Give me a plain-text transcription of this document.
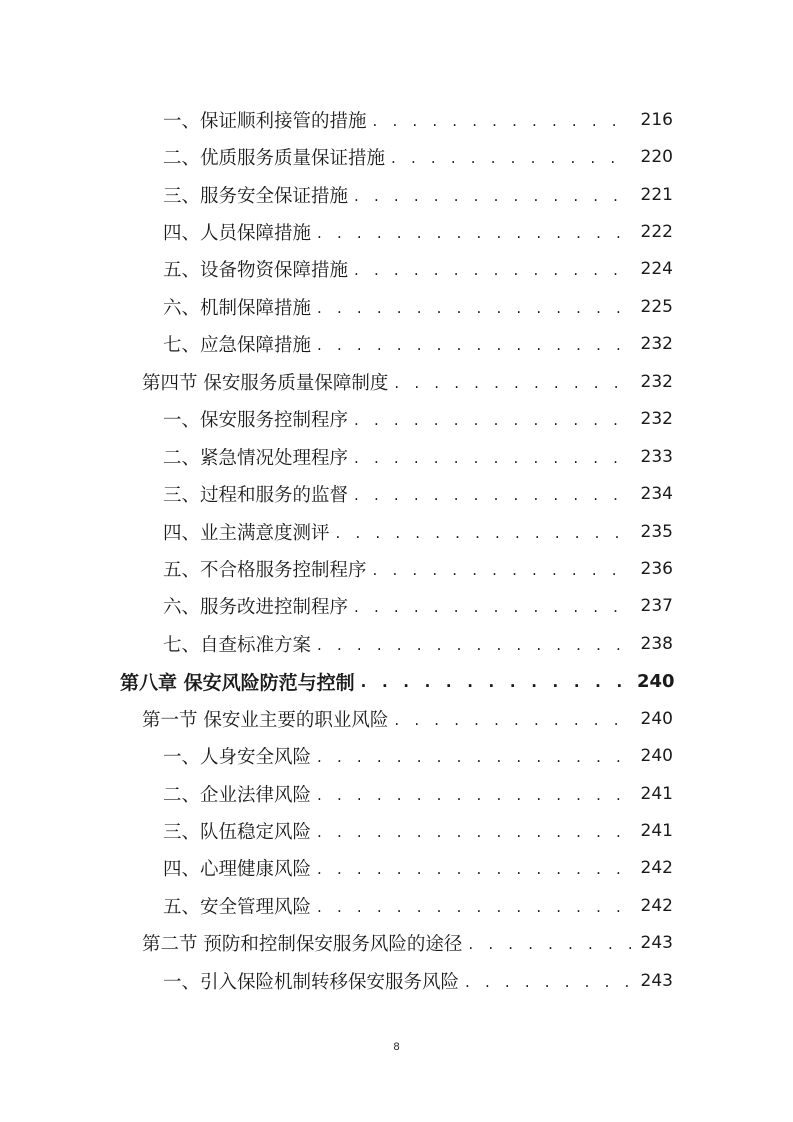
一、保证顺利接管的措施 . . .	216
二、优质服务质量保证措施 . . .	220
三、服务安全保证措施 . . .	221
四、人员保障措施 . . .	222
五、设备物资保障措施 . . .	224
六、机制保障措施 . . .	225
七、应急保障措施 . . .	232
第四节 保安服务质量保障制度 . . .	232
一、保安服务控制程序 . . .	232
二、紧急情况处理程序 . . .	233
三、过程和服务的监督 . . .	234
四、业主满意度测评 . . .	235
五、不合格服务控制程序 . . .	236
六、服务改进控制程序 . . .	237
七、自查标准方案 . . .	238
第八章 保安风险防范与控制 . . .	240
第一节 保安业主要的职业风险 . . .	240
一、人身安全风险 . . .	240
二、企业法律风险 . . .	241
三、队伍稳定风险 . . .	241
四、心理健康风险 . . .	242
五、安全管理风险 . . .	242
第二节 预防和控制保安服务风险的途径 . . .	243
一、引入保险机制转移保安服务风险 . . .	243
8
